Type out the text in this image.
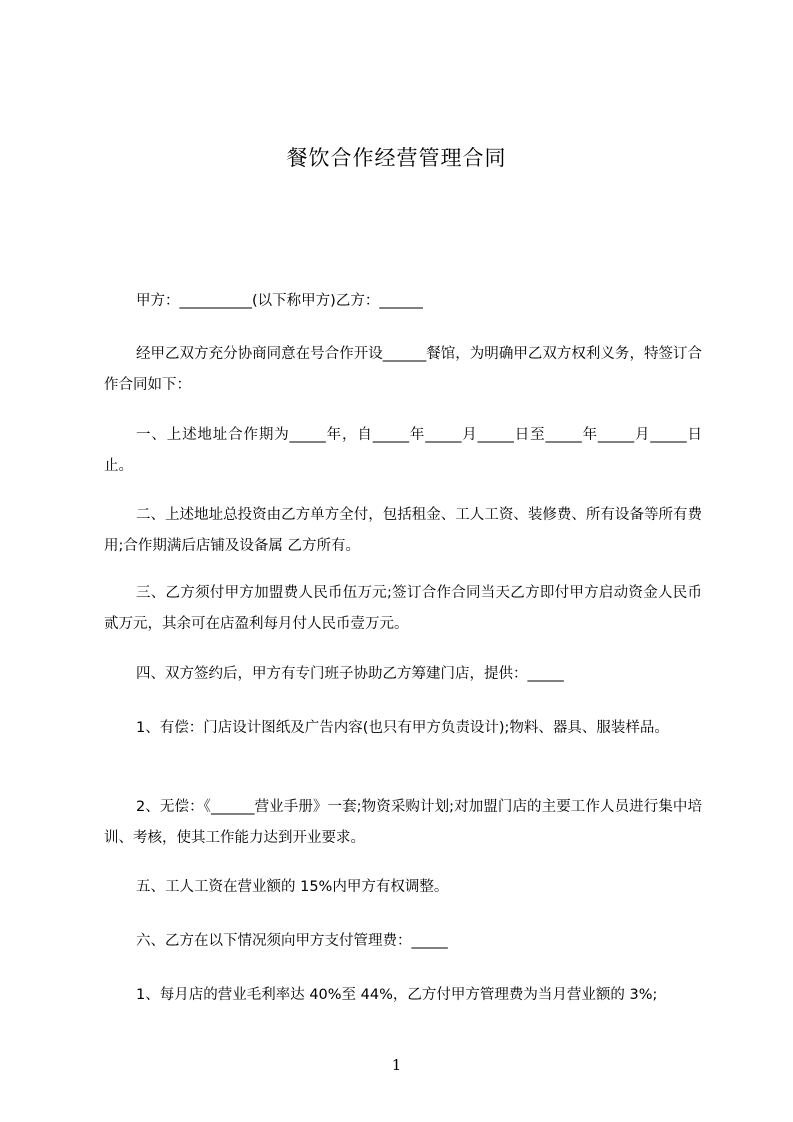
餐饮合作经营管理合同

甲方：__________(以下称甲方)乙方：______

经甲乙双方充分协商同意在号合作开设______餐馆，为明确甲乙双方权利义务，特签订合作合同如下：

一、上述地址合作期为_____年，自_____年_____月_____日至_____年_____月_____日止。

二、上述地址总投资由乙方单方全付，包括租金、工人工资、装修费、所有设备等所有费用;合作期满后店铺及设备属 乙方所有。

三、乙方须付甲方加盟费人民币伍万元;签订合作合同当天乙方即付甲方启动资金人民币贰万元，其余可在店盈利每月付人民币壹万元。

四、双方签约后，甲方有专门班子协助乙方筹建门店，提供：_____

1、有偿：门店设计图纸及广告内容(也只有甲方负责设计);物料、器具、服装样品。

2、无偿：《______营业手册》一套;物资采购计划;对加盟门店的主要工作人员进行集中培训、考核，使其工作能力达到开业要求。

五、工人工资在营业额的 15%内甲方有权调整。

六、乙方在以下情况须向甲方支付管理费：_____

1、每月店的营业毛利率达 40%至 44%，乙方付甲方管理费为当月营业额的 3%;

1
